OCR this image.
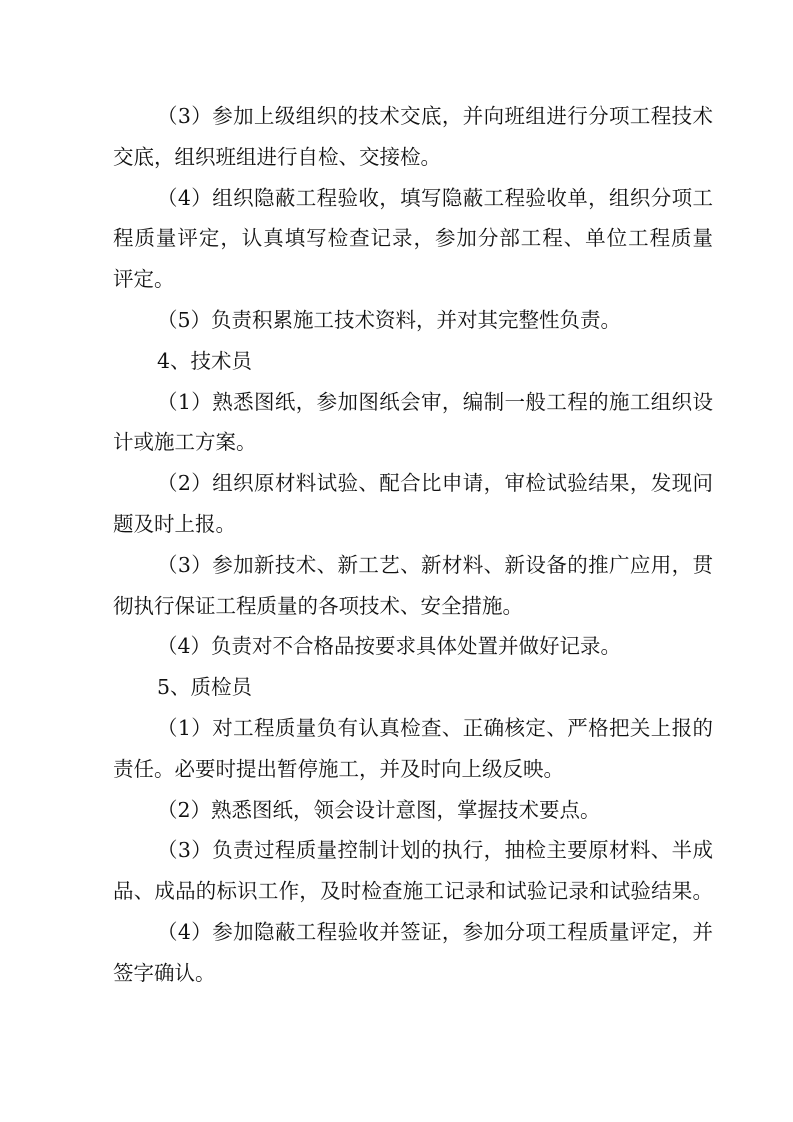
（3）参加上级组织的技术交底，并向班组进行分项工程技术
交底，组织班组进行自检、交接检。
（4）组织隐蔽工程验收，填写隐蔽工程验收单，组织分项工
程质量评定，认真填写检查记录，参加分部工程、单位工程质量
评定。
（5）负责积累施工技术资料，并对其完整性负责。
4、技术员
（1）熟悉图纸，参加图纸会审，编制一般工程的施工组织设
计或施工方案。
（2）组织原材料试验、配合比申请，审检试验结果，发现问
题及时上报。
（3）参加新技术、新工艺、新材料、新设备的推广应用，贯
彻执行保证工程质量的各项技术、安全措施。
（4）负责对不合格品按要求具体处置并做好记录。
5、质检员
（1）对工程质量负有认真检查、正确核定、严格把关上报的
责任。必要时提出暂停施工，并及时向上级反映。
（2）熟悉图纸，领会设计意图，掌握技术要点。
（3）负责过程质量控制计划的执行，抽检主要原材料、半成
品、成品的标识工作，及时检查施工记录和试验记录和试验结果。
（4）参加隐蔽工程验收并签证，参加分项工程质量评定，并
签字确认。
